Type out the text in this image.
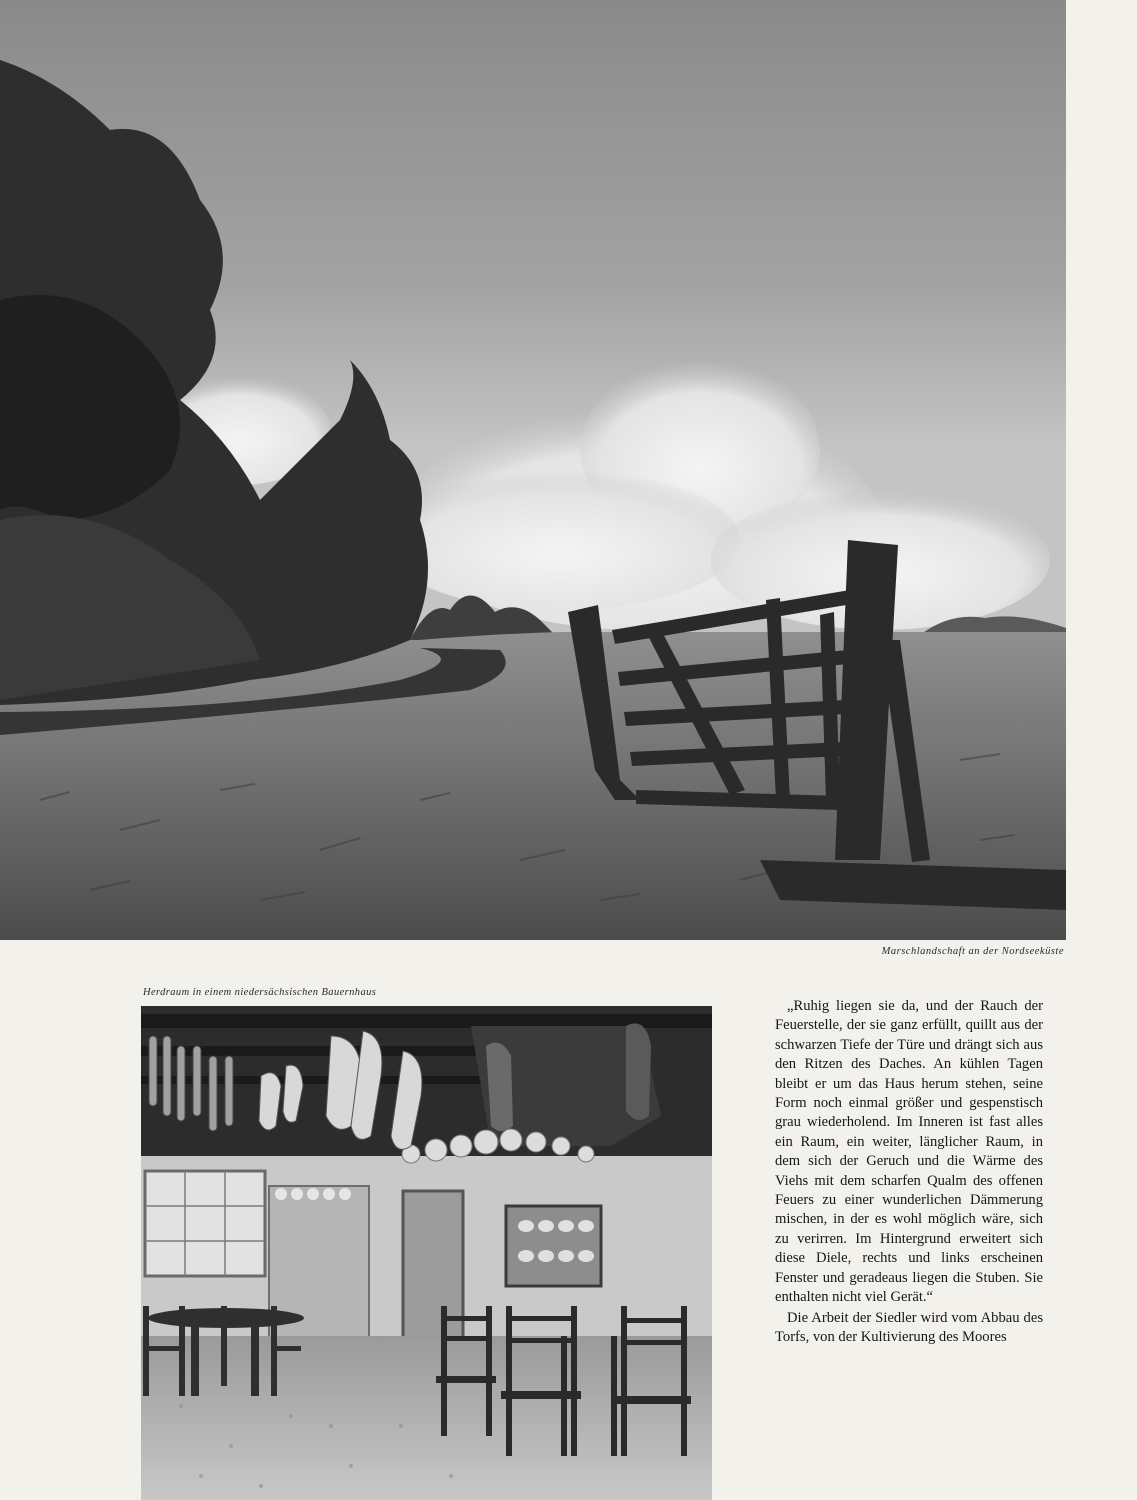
Marschlandschaft an der Nordseeküste
Herdraum in einem niedersächsischen Bauernhaus

„Ruhig liegen sie da, und der Rauch der Feuerstelle, der sie ganz erfüllt, quillt aus der schwarzen Tiefe der Türe und drängt sich aus den Ritzen des Daches. An kühlen Tagen bleibt er um das Haus herum stehen, seine Form noch einmal größer und gespenstisch grau wiederholend. Im Inneren ist fast alles ein Raum, ein weiter, länglicher Raum, in dem sich der Geruch und die Wärme des Viehs mit dem scharfen Qualm des offenen Feuers zu einer wunderlichen Dämmerung mischen, in der es wohl möglich wäre, sich zu verirren. Im Hintergrund erweitert sich diese Diele, rechts und links erscheinen Fenster und geradeaus liegen die Stuben. Sie enthalten nicht viel Gerät.“

Die Arbeit der Siedler wird vom Abbau des Torfs, von der Kultivierung des Moores
